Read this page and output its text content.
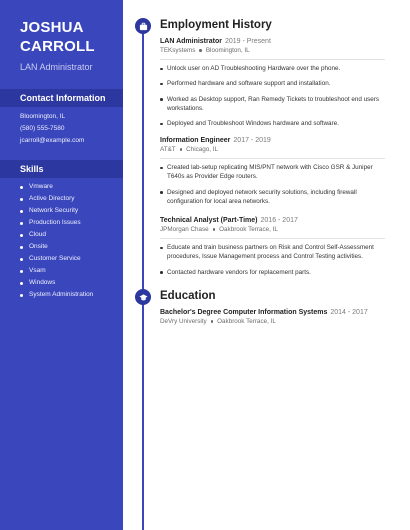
JOSHUA CARROLL
LAN Administrator
Contact Information
Bloomington, IL
(580) 555-7580
jcarroll@example.com
Skills
Vmware
Active Directory
Network Security
Production Issues
Cloud
Onsite
Customer Service
Vsam
Windows
System Administration
Employment History
LAN Administrator 2019 - Present
TEKsystems Bloomington, IL
Unlock user on AD Troubleshooting Hardware over the phone.
Performed hardware and software support and installation.
Worked as Desktop support, Ran Remedy Tickets to troubleshoot end users workstations.
Deployed and Troubleshoot Windows hardware and software.
Information Engineer 2017 - 2019
AT&T Chicago, IL
Created lab-setup replicating MIS/PNT network with Cisco GSR & Juniper T640s as Provider Edge routers.
Designed and deployed network security solutions, including firewall configuration for local area networks.
Technical Analyst (Part-Time) 2016 - 2017
JPMorgan Chase Oakbrook Terrace, IL
Educate and train business partners on Risk and Control Self-Assessment procedures, Issue Management process and Control Testing activities.
Contacted hardware vendors for replacement parts.
Education
Bachelor's Degree Computer Information Systems 2014 - 2017
DeVry University Oakbrook Terrace, IL
